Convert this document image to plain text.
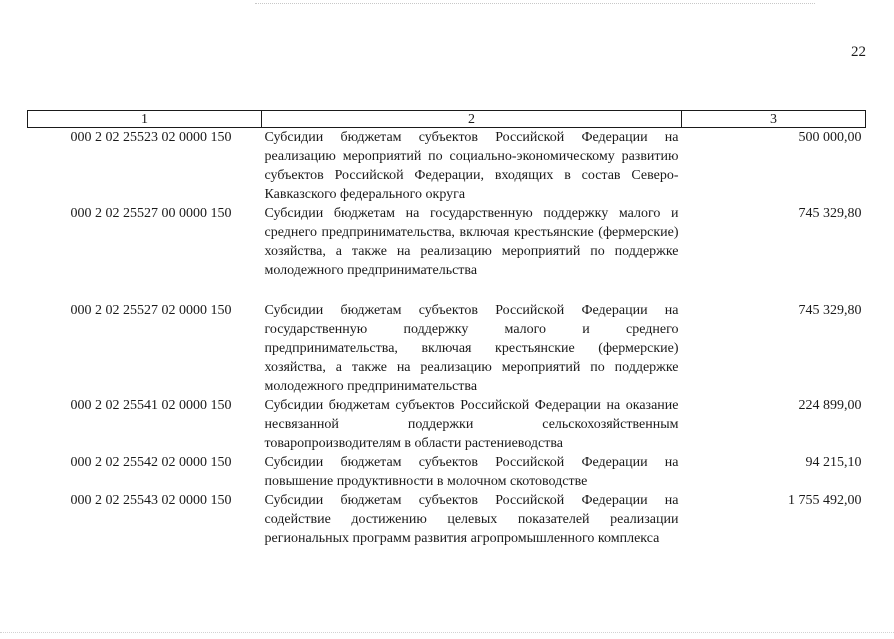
22
1	2	3
000 2 02 25523 02 0000 150	Субсидии бюджетам субъектов Российской Федерации на реализацию мероприятий по социально-экономическому развитию субъектов Российской Федерации, входящих в состав Северо-Кавказского федерального округа	500 000,00
000 2 02 25527 00 0000 150	Субсидии бюджетам на государственную поддержку малого и среднего предпринимательства, включая крестьянские (фермерские) хозяйства, а также на реализацию мероприятий по поддержке молодежного предпринимательства	745 329,80
000 2 02 25527 02 0000 150	Субсидии бюджетам субъектов Российской Федерации на государственную поддержку малого и среднего предпринимательства, включая крестьянские (фермерские) хозяйства, а также на реализацию мероприятий по поддержке молодежного предпринимательства	745 329,80
000 2 02 25541 02 0000 150	Субсидии бюджетам субъектов Российской Федерации на оказание несвязанной поддержки сельскохозяйственным товаропроизводителям в области растениеводства	224 899,00
000 2 02 25542 02 0000 150	Субсидии бюджетам субъектов Российской Федерации на повышение продуктивности в молочном скотоводстве	94 215,10
000 2 02 25543 02 0000 150	Субсидии бюджетам субъектов Российской Федерации на содействие достижению целевых показателей реализации региональных программ развития агропромышленного комплекса	1 755 492,00
